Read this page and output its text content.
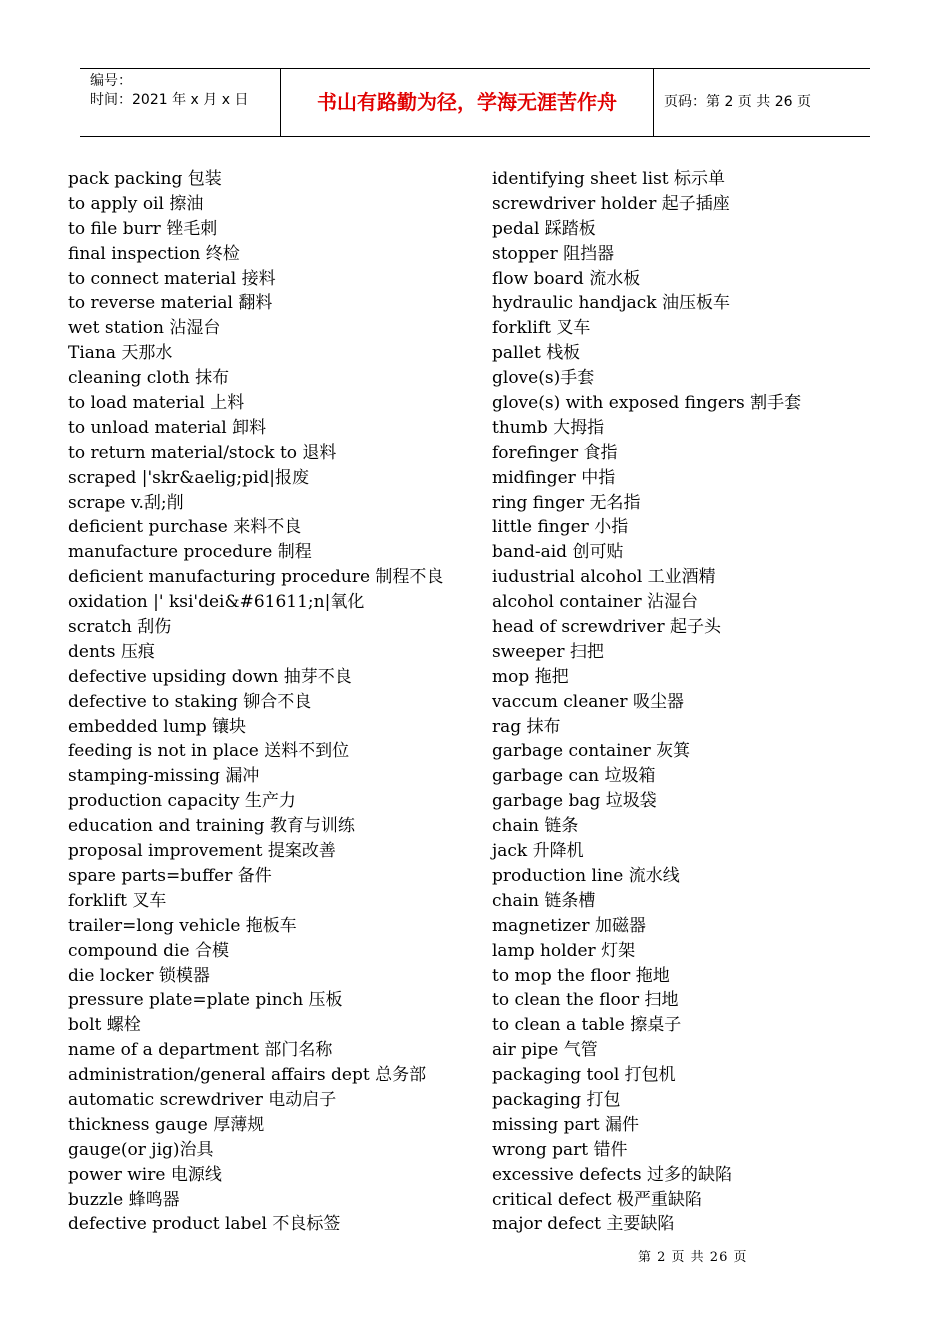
编号：
时间：2021 年 x 月 x 日	书山有路勤为径，学海无涯苦作舟	页码：第 2 页 共 26 页
pack packing 包装
to apply oil 擦油
to file burr 锉毛刺
final inspection 终检
to connect material 接料
to reverse material 翻料
wet station 沾湿台
Tiana 天那水
cleaning cloth 抹布
to load material 上料
to unload material 卸料
to return material/stock to 退料
scraped |'skr&aelig;pid|报废
scrape v.刮;削
deficient purchase 来料不良
manufacture procedure 制程
deficient manufacturing procedure 制程不良
oxidation |' ksi'dei&#61611;n|氧化
scratch 刮伤
dents 压痕
defective upsiding down 抽芽不良
defective to staking 铆合不良
embedded lump 镶块
feeding is not in place 送料不到位
stamping-missing 漏冲
production capacity 生产力
education and training 教育与训练
proposal improvement 提案改善
spare parts=buffer 备件
forklift 叉车
trailer=long vehicle 拖板车
compound die 合模
die locker 锁模器
pressure plate=plate pinch 压板
bolt 螺栓
name of a department 部门名称
administration/general affairs dept 总务部
automatic screwdriver 电动启子
thickness gauge 厚薄规
gauge(or jig)治具
power wire 电源线
buzzle 蜂鸣器
defective product label 不良标签
identifying sheet list 标示单
screwdriver holder 起子插座
pedal 踩踏板
stopper 阻挡器
flow board 流水板
hydraulic handjack 油压板车
forklift 叉车
pallet 栈板
glove(s)手套
glove(s) with exposed fingers 割手套
thumb 大拇指
forefinger 食指
midfinger 中指
ring finger 无名指
little finger 小指
band-aid 创可贴
iudustrial alcohol 工业酒精
alcohol container 沾湿台
head of screwdriver 起子头
sweeper 扫把
mop 拖把
vaccum cleaner 吸尘器
rag 抹布
garbage container 灰箕
garbage can 垃圾箱
garbage bag 垃圾袋
chain 链条
jack 升降机
production line 流水线
chain 链条槽
magnetizer 加磁器
lamp holder 灯架
to mop the floor 拖地
to clean the floor 扫地
to clean a table 擦桌子
air pipe 气管
packaging tool 打包机
packaging 打包
missing part 漏件
wrong part 错件
excessive defects 过多的缺陷
critical defect 极严重缺陷
major defect 主要缺陷
第 2 页 共 26 页
